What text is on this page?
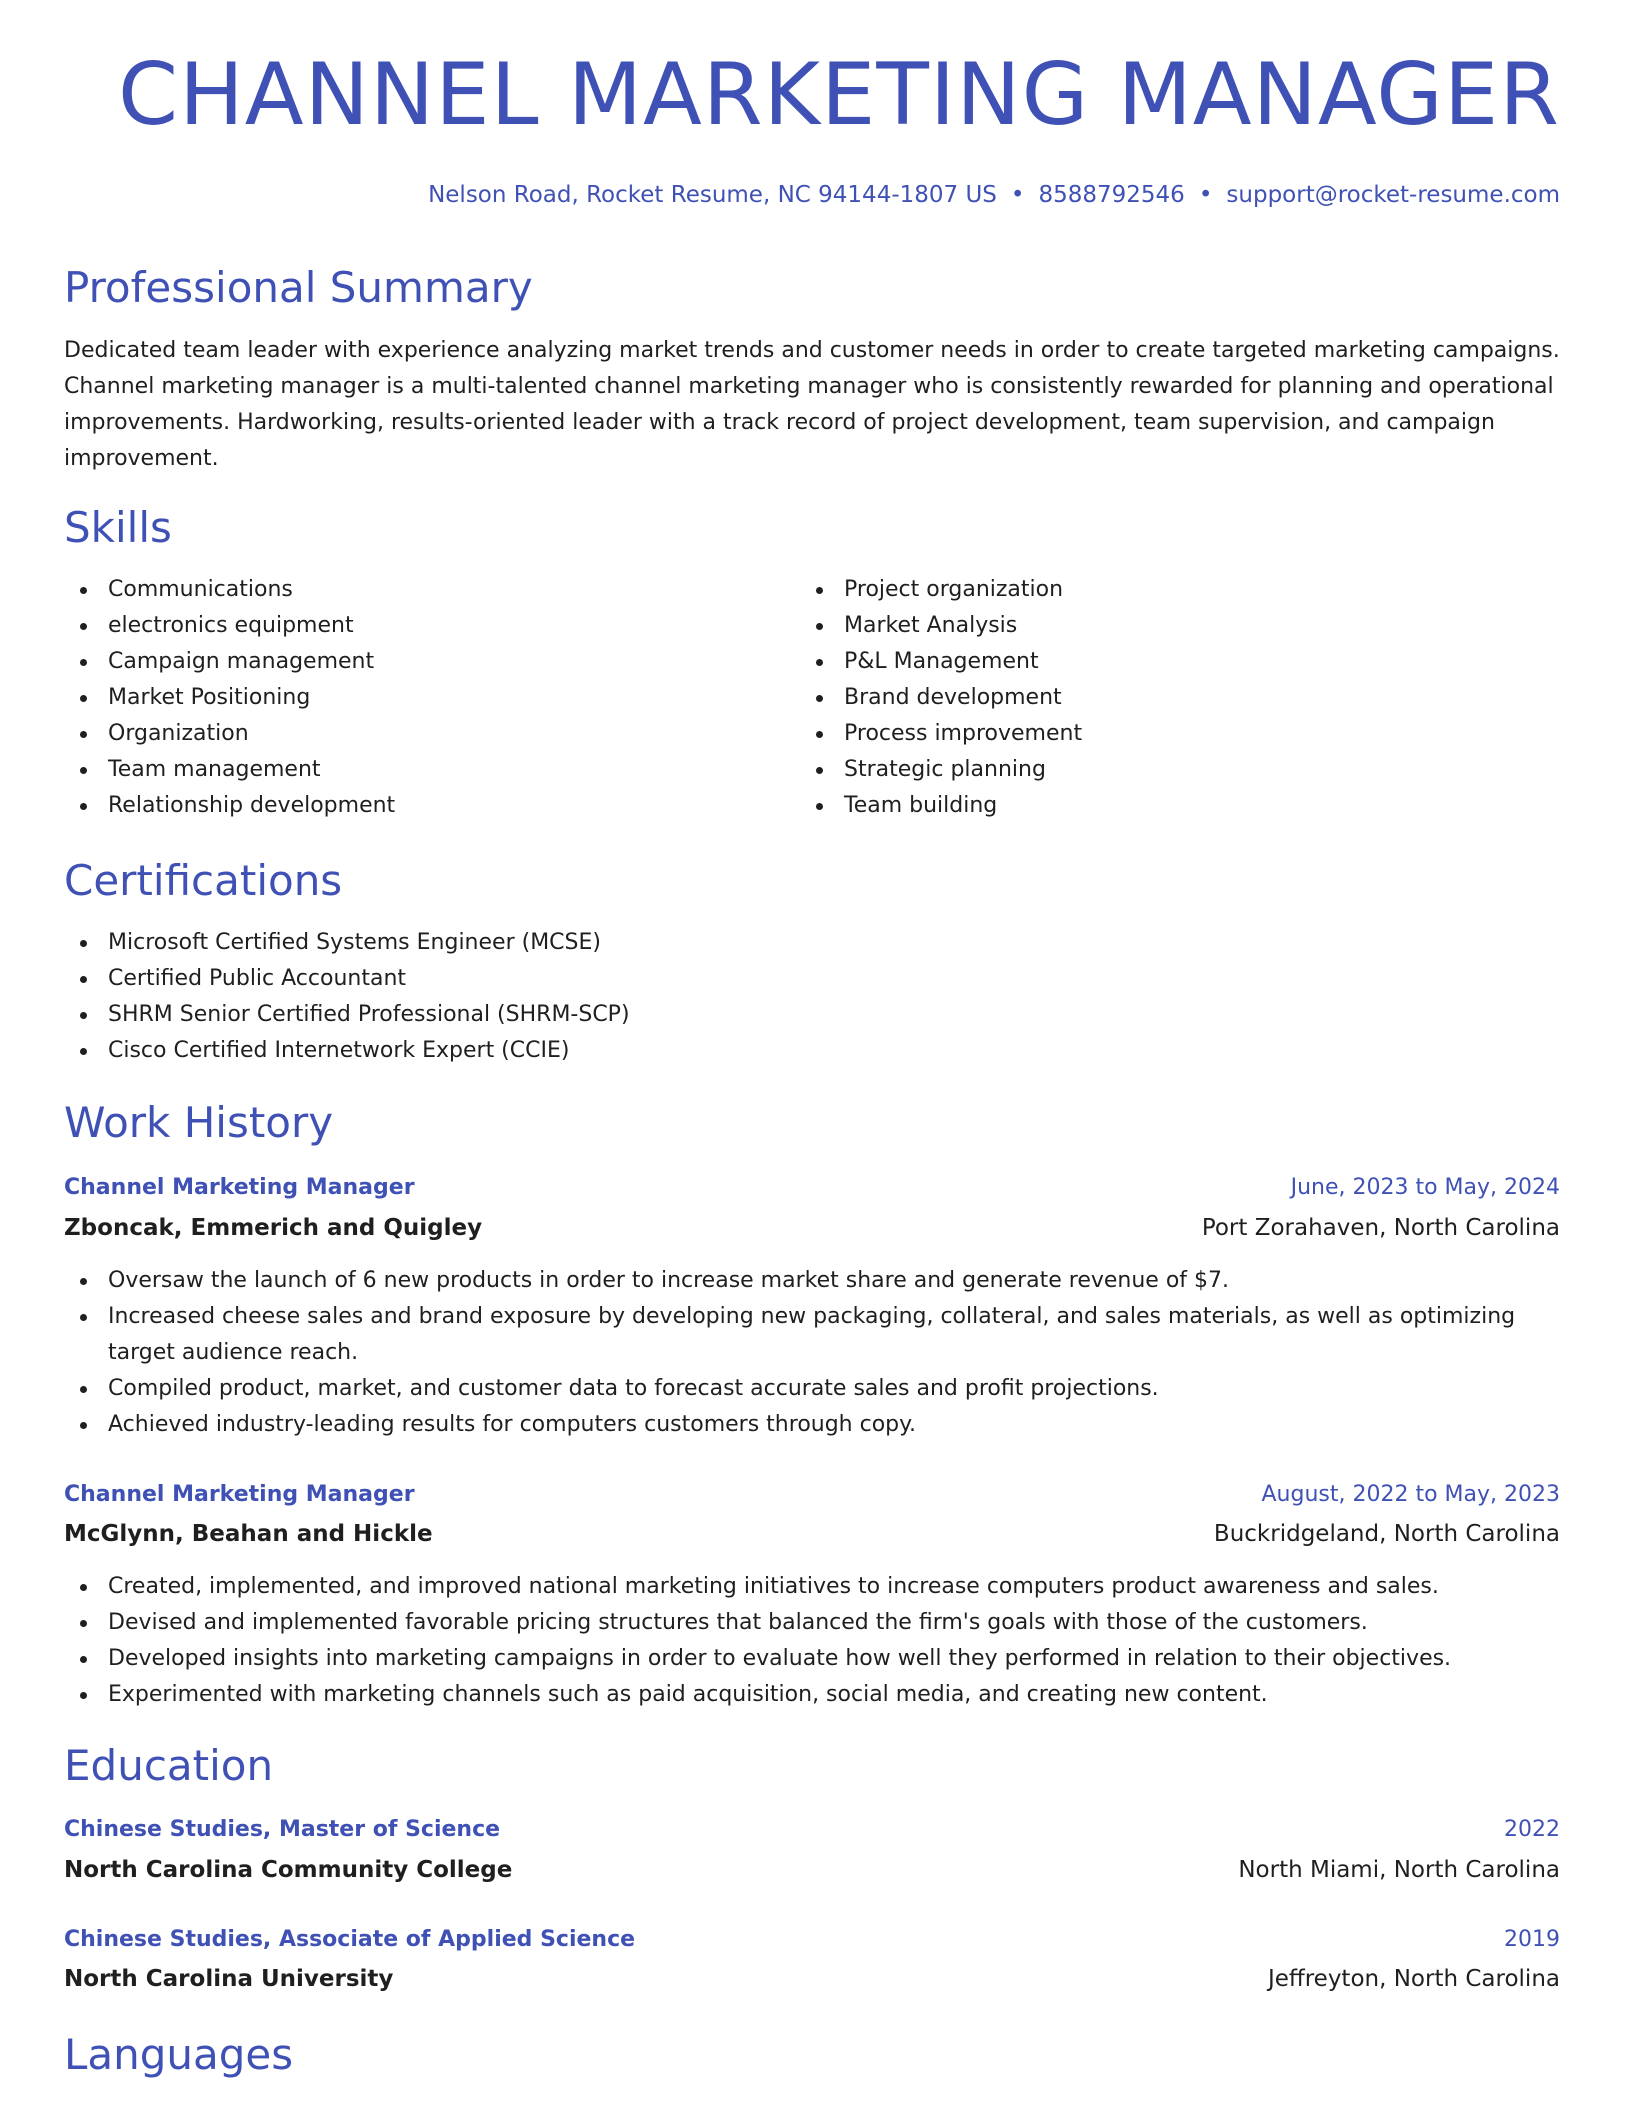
CHANNEL MARKETING MANAGER
Nelson Road, Rocket Resume, NC 94144-1807 US • 8588792546 • support@rocket-resume.com
Professional Summary

Dedicated team leader with experience analyzing market trends and customer needs in order to create targeted marketing campaigns. Channel marketing manager is a multi-talented channel marketing manager who is consistently rewarded for planning and operational improvements. Hardworking, results-oriented leader with a track record of project development, team supervision, and campaign improvement.

Skills
Communications
electronics equipment
Campaign management
Market Positioning
Organization
Team management
Relationship development
Project organization
Market Analysis
P&L Management
Brand development
Process improvement
Strategic planning
Team building
Certifications
Microsoft Certified Systems Engineer (MCSE)
Certified Public Accountant
SHRM Senior Certified Professional (SHRM-SCP)
Cisco Certified Internetwork Expert (CCIE)
Work History
Channel Marketing Manager	June, 2023 to May, 2024
Zboncak, Emmerich and Quigley	Port Zorahaven, North Carolina
Oversaw the launch of 6 new products in order to increase market share and generate revenue of $7.
Increased cheese sales and brand exposure by developing new packaging, collateral, and sales materials, as well as optimizing target audience reach.
Compiled product, market, and customer data to forecast accurate sales and profit projections.
Achieved industry-leading results for computers customers through copy.
Channel Marketing Manager	August, 2022 to May, 2023
McGlynn, Beahan and Hickle	Buckridgeland, North Carolina
Created, implemented, and improved national marketing initiatives to increase computers product awareness and sales.
Devised and implemented favorable pricing structures that balanced the firm's goals with those of the customers.
Developed insights into marketing campaigns in order to evaluate how well they performed in relation to their objectives.
Experimented with marketing channels such as paid acquisition, social media, and creating new content.
Education
Chinese Studies, Master of Science	2022
North Carolina Community College	North Miami, North Carolina
Chinese Studies, Associate of Applied Science	2019
North Carolina University	Jeffreyton, North Carolina
Languages
